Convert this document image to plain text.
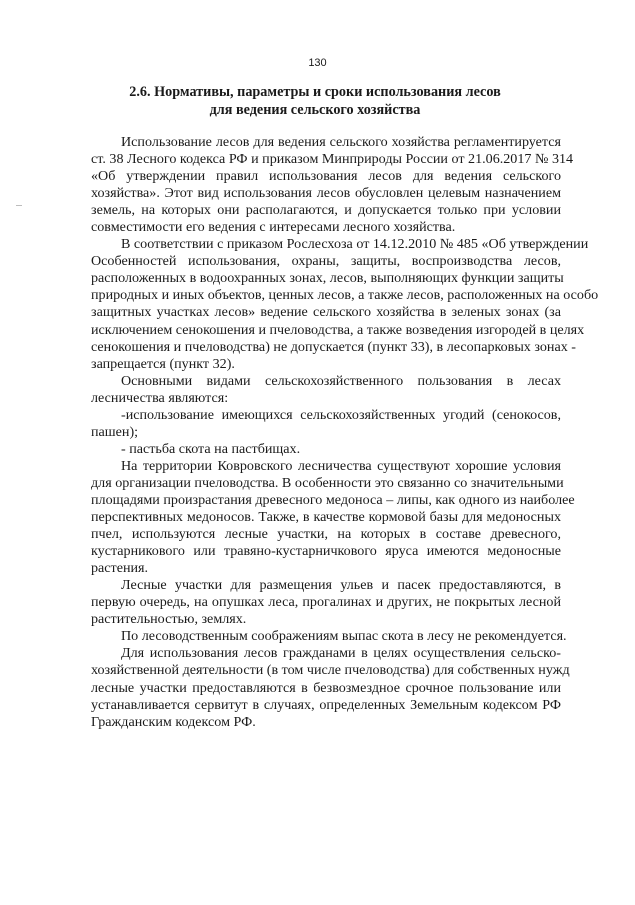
130
2.6. Нормативы, параметры и сроки использования лесов
для ведения сельского хозяйства
Использование лесов для ведения сельского хозяйства регламентируется
ст. 38 Лесного кодекса РФ и приказом Минприроды России от 21.06.2017 № 314
«Об утверждении правил использования лесов для ведения сельского
хозяйства». Этот вид использования лесов обусловлен целевым назначением
земель, на которых они располагаются, и допускается только при условии
совместимости его ведения с интересами лесного хозяйства.
В соответствии с приказом Рослесхоза от 14.12.2010 № 485 «Об утверждении
Особенностей использования, охраны, защиты, воспроизводства лесов,
расположенных в водоохранных зонах, лесов, выполняющих функции защиты
природных и иных объектов, ценных лесов, а также лесов, расположенных на особо
защитных участках лесов» ведение сельского хозяйства в зеленых зонах (за
исключением сенокошения и пчеловодства, а также возведения изгородей в целях
сенокошения и пчеловодства) не допускается (пункт 33), в лесопарковых зонах -
запрещается (пункт 32).
Основными видами сельскохозяйственного пользования в лесах
лесничества являются:
-использование имеющихся сельскохозяйственных угодий (сенокосов,
пашен);
- пастьба скота на пастбищах.
На территории Ковровского лесничества существуют хорошие условия
для организации пчеловодства. В особенности это связанно со значительными
площадями произрастания древесного медоноса – липы, как одного из наиболее
перспективных медоносов. Также, в качестве кормовой базы для медоносных
пчел, используются лесные участки, на которых в составе древесного,
кустарникового или травяно-кустарничкового яруса имеются медоносные
растения.
Лесные участки для размещения ульев и пасек предоставляются, в
первую очередь, на опушках леса, прогалинах и других, не покрытых лесной
растительностью, землях.
По лесоводственным соображениям выпас скота в лесу не рекомендуется.
Для использования лесов гражданами в целях осуществления сельско-
хозяйственной деятельности (в том числе пчеловодства) для собственных нужд
лесные участки предоставляются в безвозмездное срочное пользование или
устанавливается сервитут в случаях, определенных Земельным кодексом РФ
Гражданским кодексом РФ.
